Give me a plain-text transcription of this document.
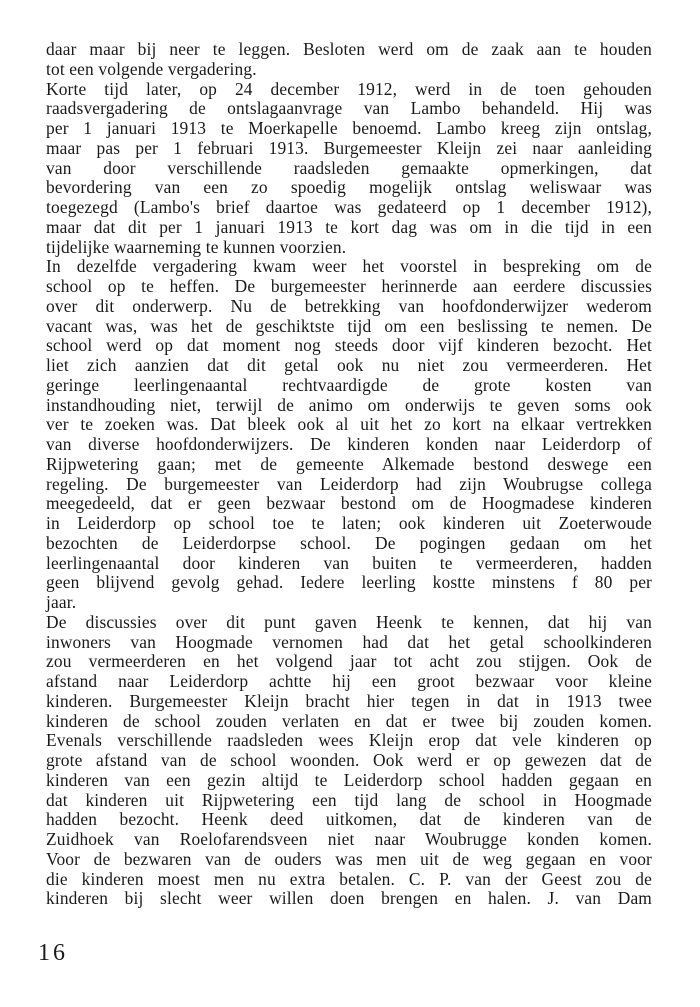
daar maar bij neer te leggen. Besloten werd om de zaak aan te houden
tot een volgende vergadering.
Korte tijd later, op 24 december 1912, werd in de toen gehouden
raadsvergadering de ontslagaanvrage van Lambo behandeld. Hij was
per 1 januari 1913 te Moerkapelle benoemd. Lambo kreeg zijn ontslag,
maar pas per 1 februari 1913. Burgemeester Kleijn zei naar aanleiding
van door verschillende raadsleden gemaakte opmerkingen, dat
bevordering van een zo spoedig mogelijk ontslag weliswaar was
toegezegd (Lambo's brief daartoe was gedateerd op 1 december 1912),
maar dat dit per 1 januari 1913 te kort dag was om in die tijd in een
tijdelijke waarneming te kunnen voorzien.
In dezelfde vergadering kwam weer het voorstel in bespreking om de
school op te heffen. De burgemeester herinnerde aan eerdere discussies
over dit onderwerp. Nu de betrekking van hoofdonderwijzer wederom
vacant was, was het de geschiktste tijd om een beslissing te nemen. De
school werd op dat moment nog steeds door vijf kinderen bezocht. Het
liet zich aanzien dat dit getal ook nu niet zou vermeerderen. Het
geringe leerlingenaantal rechtvaardigde de grote kosten van
instandhouding niet, terwijl de animo om onderwijs te geven soms ook
ver te zoeken was. Dat bleek ook al uit het zo kort na elkaar vertrekken
van diverse hoofdonderwijzers. De kinderen konden naar Leiderdorp of
Rijpwetering gaan; met de gemeente Alkemade bestond deswege een
regeling. De burgemeester van Leiderdorp had zijn Woubrugse collega
meegedeeld, dat er geen bezwaar bestond om de Hoogmadese kinderen
in Leiderdorp op school toe te laten; ook kinderen uit Zoeterwoude
bezochten de Leiderdorpse school. De pogingen gedaan om het
leerlingenaantal door kinderen van buiten te vermeerderen, hadden
geen blijvend gevolg gehad. Iedere leerling kostte minstens f 80 per
jaar.
De discussies over dit punt gaven Heenk te kennen, dat hij van
inwoners van Hoogmade vernomen had dat het getal schoolkinderen
zou vermeerderen en het volgend jaar tot acht zou stijgen. Ook de
afstand naar Leiderdorp achtte hij een groot bezwaar voor kleine
kinderen. Burgemeester Kleijn bracht hier tegen in dat in 1913 twee
kinderen de school zouden verlaten en dat er twee bij zouden komen.
Evenals verschillende raadsleden wees Kleijn erop dat vele kinderen op
grote afstand van de school woonden. Ook werd er op gewezen dat de
kinderen van een gezin altijd te Leiderdorp school hadden gegaan en
dat kinderen uit Rijpwetering een tijd lang de school in Hoogmade
hadden bezocht. Heenk deed uitkomen, dat de kinderen van de
Zuidhoek van Roelofarendsveen niet naar Woubrugge konden komen.
Voor de bezwaren van de ouders was men uit de weg gegaan en voor
die kinderen moest men nu extra betalen. C. P. van der Geest zou de
kinderen bij slecht weer willen doen brengen en halen. J. van Dam
16
